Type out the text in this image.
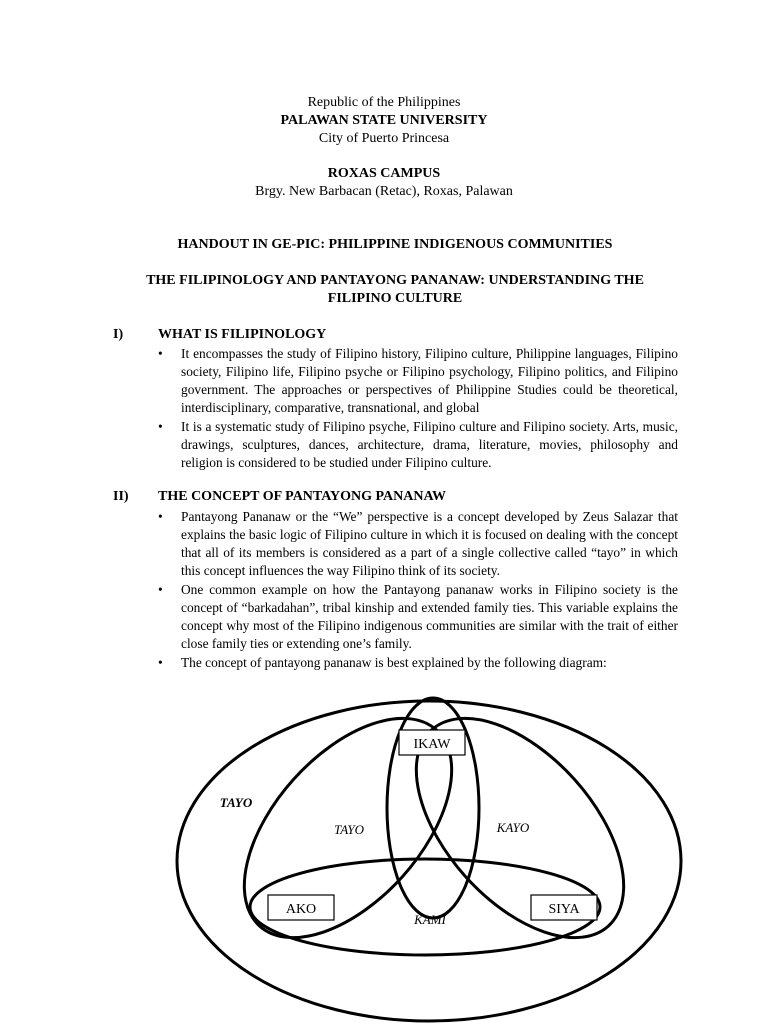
Republic of the Philippines

PALAWAN STATE UNIVERSITY

City of Puerto Princesa

ROXAS CAMPUS

Brgy. New Barbacan (Retac), Roxas, Palawan

HANDOUT IN GE-PIC: PHILIPPINE INDIGENOUS COMMUNITIES
THE FILIPINOLOGY AND PANTAYONG PANANAW: UNDERSTANDING THE
FILIPINO CULTURE
I) WHAT IS FILIPINOLOGY
• It encompasses the study of Filipino history, Filipino culture, Philippine languages, Filipino society, Filipino life, Filipino psyche or Filipino psychology, Filipino politics, and Filipino government. The approaches or perspectives of Philippine Studies could be theoretical, interdisciplinary, comparative, transnational, and global
• It is a systematic study of Filipino psyche, Filipino culture and Filipino society. Arts, music, drawings, sculptures, dances, architecture, drama, literature, movies, philosophy and religion is considered to be studied under Filipino culture.
II) THE CONCEPT OF PANTAYONG PANANAW
• Pantayong Pananaw or the “We” perspective is a concept developed by Zeus Salazar that explains the basic logic of Filipino culture in which it is focused on dealing with the concept that all of its members is considered as a part of a single collective called “tayo” in which this concept influences the way Filipino think of its society.
• One common example on how the Pantayong pananaw works in Filipino society is the concept of “barkadahan”, tribal kinship and extended family ties. This variable explains the concept why most of the Filipino indigenous communities are similar with the trait of either close family ties or extending one’s family.
• The concept of pantayong pananaw is best explained by the following diagram:
IKAW
AKO	SIYA
TAYO
TAYO	KAYO
KAMI
